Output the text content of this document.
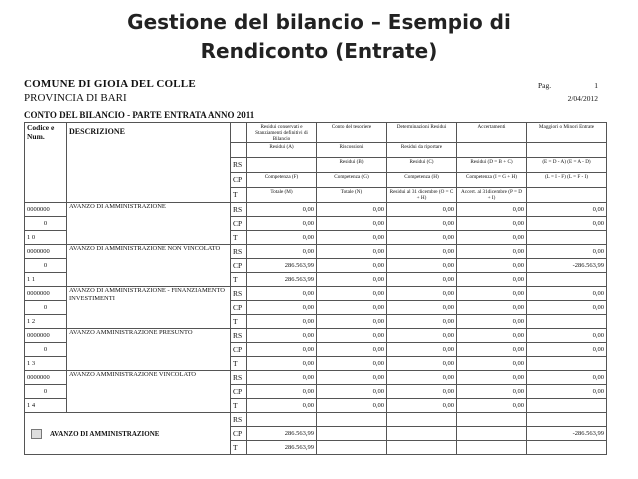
Gestione del bilancio – Esempio di
Rendiconto (Entrate)
COMUNE DI GIOIA DEL COLLE
PROVINCIA DI BARI
Pag.	1
2/04/2012
CONTO DEL BILANCIO - PARTE ENTRATA ANNO 2011
Codice e Num.	DESCRIZIONE		Residui conservati e Stanziamenti definitivi di Bilancio	Conto del tesoriere	Determinazioni Residui	Accertamenti	Maggiori o Minori Entrate
			Residui (A)	Riscossioni	Residui da riportare		
		RS		Residui (B)	Residui (C)	Residui (D = B + C)	(E = D - A) (E = A - D)
		CP	Competenza (F)	Competenza (G)	Competenza (H)	Competenza (I = G + H)	(L = I - F) (L = F - I)
		T	Totale (M)	Totale (N)	Residui al 31 dicembre (O = C + H)	Accert. al 31dicembre (P = D + I)	
0000000	AVANZO DI AMMINISTRAZIONE	RS	0,00	0,00	0,00	0,00	0,00
0		CP	0,00	0,00	0,00	0,00	0,00
1 0		T	0,00	0,00	0,00	0,00	
0000000	AVANZO DI AMMINISTRAZIONE NON VINCOLATO	RS	0,00	0,00	0,00	0,00	0,00
0		CP	286.563,99	0,00	0,00	0,00	-286.563,99
1 1		T	286.563,99	0,00	0,00	0,00	
0000000	AVANZO DI AMMINISTRAZIONE - FINANZIAMENTO INVESTIMENTI	RS	0,00	0,00	0,00	0,00	0,00
0		CP	0,00	0,00	0,00	0,00	0,00
1 2		T	0,00	0,00	0,00	0,00	
0000000	AVANZO AMMINISTRAZIONE PRESUNTO	RS	0,00	0,00	0,00	0,00	0,00
0		CP	0,00	0,00	0,00	0,00	0,00
1 3		T	0,00	0,00	0,00	0,00	
0000000	AVANZO AMMINISTRAZIONE VINCOLATO	RS	0,00	0,00	0,00	0,00	0,00
0		CP	0,00	0,00	0,00	0,00	0,00
1 4		T	0,00	0,00	0,00	0,00	
AVANZO DI AMMINISTRAZIONE		RS					
		CP	286.563,99				-286.563,99
		T	286.563,99				
